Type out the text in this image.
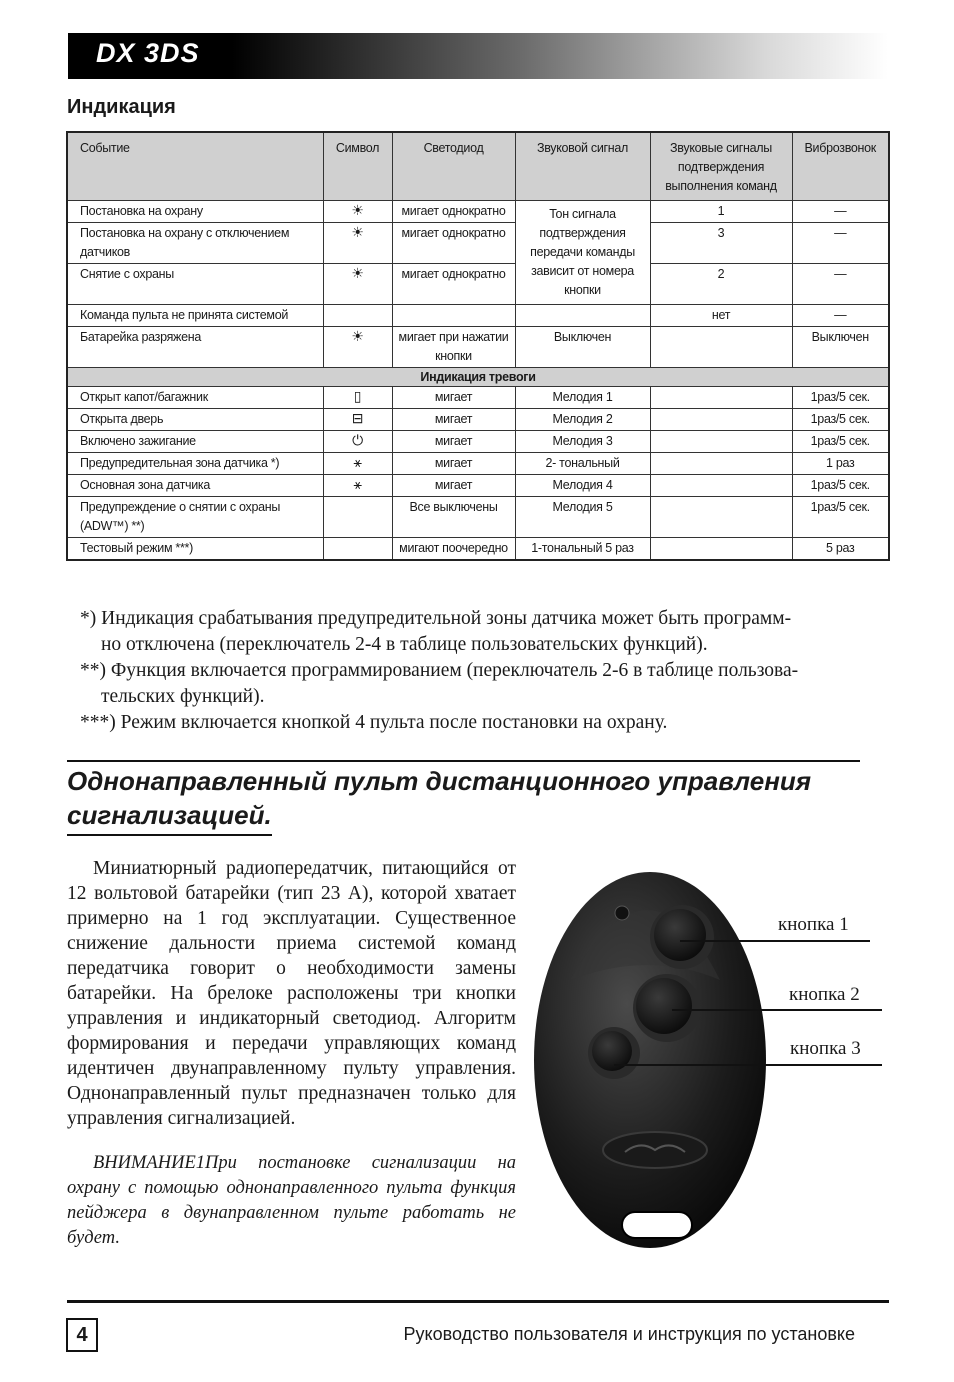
DX 3DS
Индикация
Событие	Символ	Светодиод	Звуковой сигнал	Звуковые сигналы подтверждения выполнения команд	Виброзвонок
Постановка на охрану	☀	мигает однократно	Тон сигнала подтверждения передачи команды зависит от номера кнопки	1	—
Постановка на охрану с отключением датчиков	☀	мигает однократно		3	—
Снятие с охраны	☀	мигает однократно		2	—
Команда пульта не принята системой				нет	—
Батарейка разряжена	☀	мигает при нажатии кнопки	Выключен		Выключен
Индикация тревоги					
Открыт капот/багажник	▯	мигает	Мелодия 1		1раз/5 сек.
Открыта дверь	⊟	мигает	Мелодия 2		1раз/5 сек.
Включено зажигание	⏻	мигает	Мелодия 3		1раз/5 сек.
Предупредительная зона датчика *)	⚹	мигает	2- тональный		1 раз
Основная зона датчика	⚹	мигает	Мелодия 4		1раз/5 сек.
Предупреждение о снятии с охраны (ADW™) **)		Все выключены	Мелодия 5		1раз/5 сек.
Тестовый режим ***)		мигают поочередно	1-тональный 5 раз		5 раз

*) Индикация срабатывания предупредительной зоны датчика может быть программ-

но отключена (переключатель 2-4 в таблице пользовательских функций).

**) Функция включается программированием (переключатель 2-6 в таблице пользова-

тельских функций).

***) Режим включается кнопкой 4 пульта после постановки на охрану.

Однонаправленный пульт дистанционного управления
сигнализацией.

Миниатюрный радиопередатчик, питающийся от 12 вольтовой батарейки (тип 23 А), которой хватает примерно на 1 год эксплуатации. Существенное снижение дальности приема системой команд передатчика говорит о необходимости замены батарейки. На брелоке расположены три кнопки управления и индикаторный светодиод. Алгоритм формирования и передачи управляющих команд идентичен двунаправленному пульту управления. Однонаправленный пульт предназначен только для управления сигнализацией.

ВНИМАНИЕ1При постановке сигнализации на охрану с помощью однонаправленного пульта функция пейджера в двунаправленном пульте работать не будет.

кнопка 1
кнопка 2
кнопка 3
4	Руководство пользователя и инструкция по установке
